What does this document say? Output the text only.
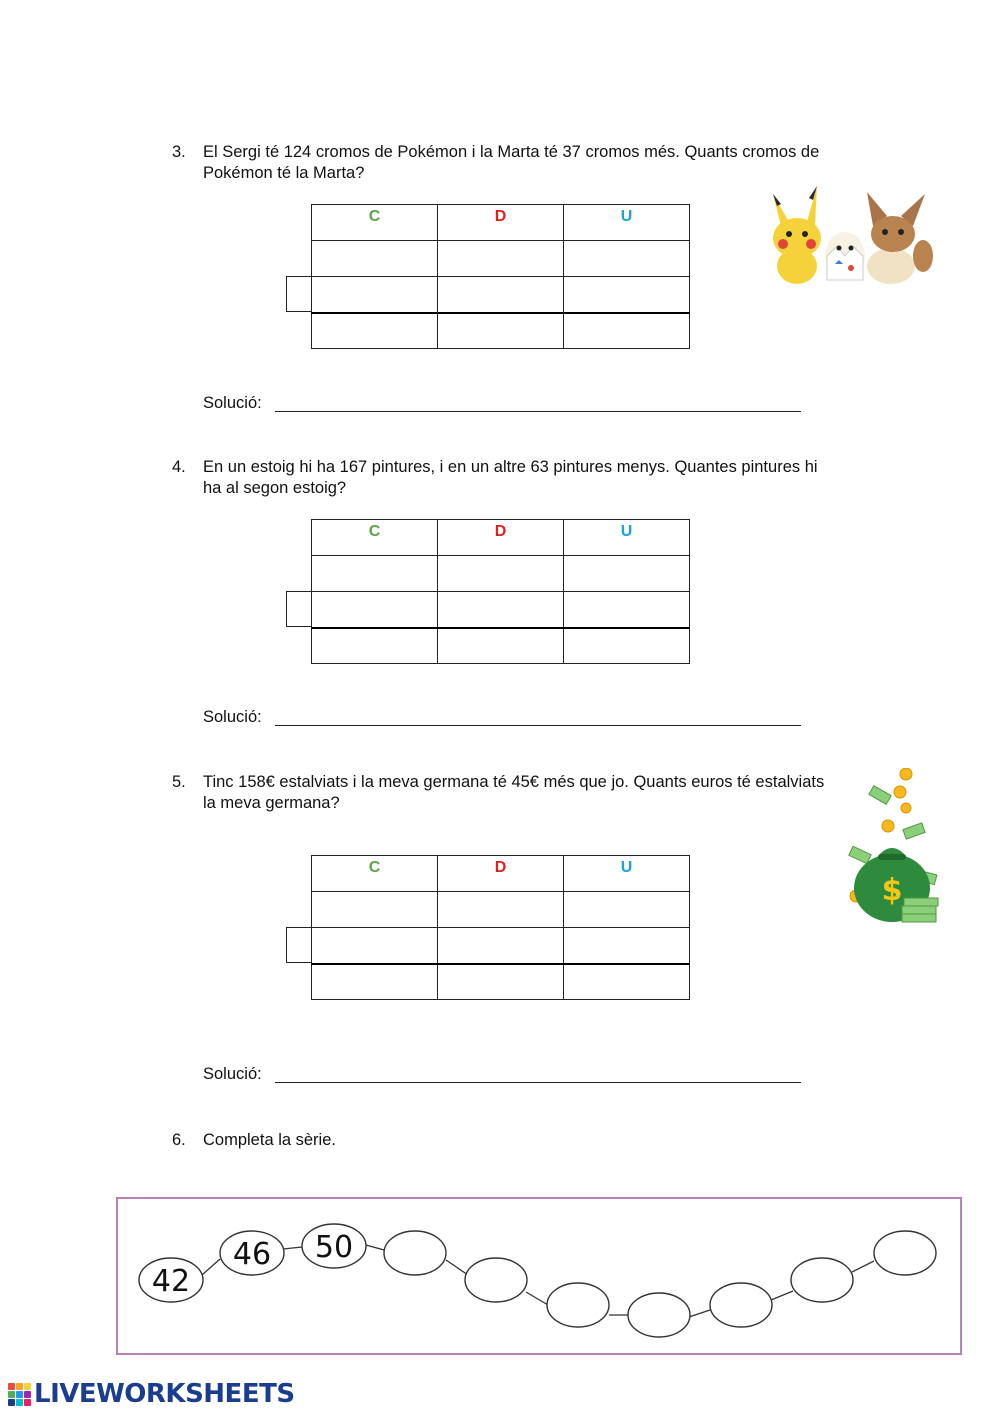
3. El Sergi té 124 cromos de Pokémon i la Marta té 37 cromos més. Quants cromos de Pokémon té la Marta?
C	D	U

Solució:
4. En un estoig hi ha 167 pintures, i en un altre 63 pintures menys. Quantes pintures hi ha al segon estoig?
C	D	U

Solució:
5. Tinc 158€ estalviats i la meva germana té 45€ més que jo. Quants euros té estalviats la meva germana?
C	D	U

$
Solució:
6. Completa la sèrie.
42
46 50
LIVEWORKSHEETS
